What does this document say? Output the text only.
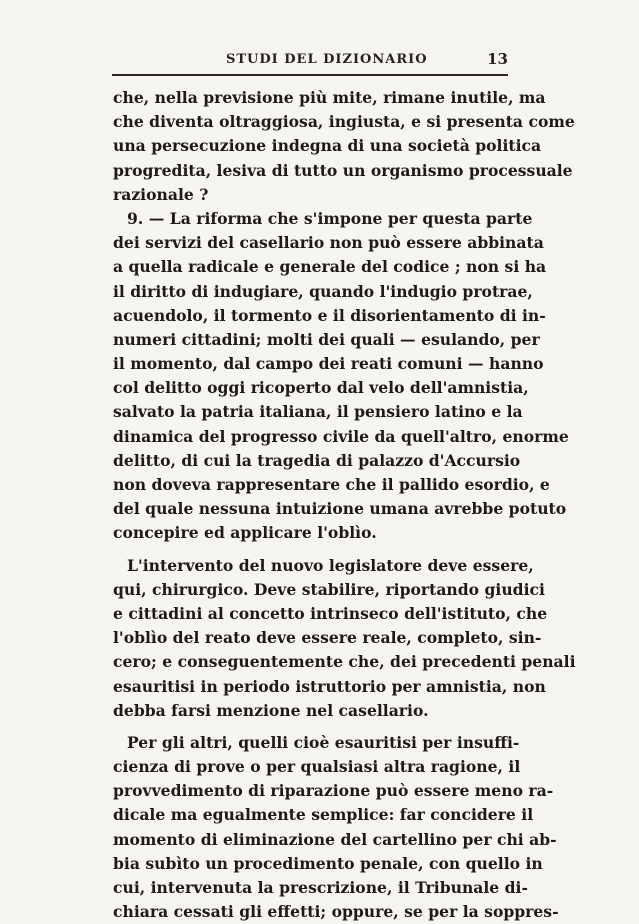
STUDI DEL DIZIONARIO	13
che, nella previsione più mite, rimane inutile, ma
che diventa oltraggiosa, ingiusta, e si presenta come
una persecuzione indegna di una società politica
progredita, lesiva di tutto un organismo processuale
razionale ?
9. — La riforma che s'impone per questa parte
dei servizi del casellario non può essere abbinata
a quella radicale e generale del codice ; non si ha
il diritto di indugiare, quando l'indugio protrae,
acuendolo, il tormento e il disorientamento di in-
numeri cittadini; molti dei quali — esulando, per
il momento, dal campo dei reati comuni — hanno
col delitto oggi ricoperto dal velo dell'amnistia,
salvato la patria italiana, il pensiero latino e la
dinamica del progresso civile da quell'altro, enorme
delitto, di cui la tragedia di palazzo d'Accursio
non doveva rappresentare che il pallido esordio, e
del quale nessuna intuizione umana avrebbe potuto
concepire ed applicare l'oblìo.
L'intervento del nuovo legislatore deve essere,
qui, chirurgico. Deve stabilire, riportando giudici
e cittadini al concetto intrinseco dell'istituto, che
l'oblìo del reato deve essere reale, completo, sin-
cero; e conseguentemente che, dei precedenti penali
esauritisi in periodo istruttorio per amnistia, non
debba farsi menzione nel casellario.
Per gli altri, quelli cioè esauritisi per insuffi-
cienza di prove o per qualsiasi altra ragione, il
provvedimento di riparazione può essere meno ra-
dicale ma egualmente semplice: far concidere il
momento di eliminazione del cartellino per chi ab-
bia subìto un procedimento penale, con quello in
cui, intervenuta la prescrizione, il Tribunale di-
chiara cessati gli effetti; oppure, se per la soppres-
